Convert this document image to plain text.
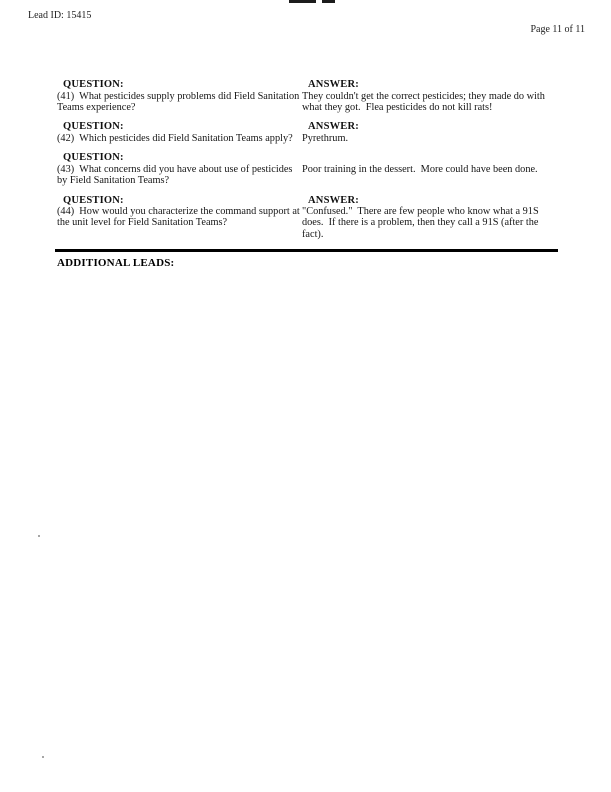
Lead ID: 15415
Page 11 of 11
QUESTION:
(41)  What pesticides supply problems did Field Sanitation Teams experience?
ANSWER:
They couldn't get the correct pesticides; they made do with what they got.  Flea pesticides do not kill rats!
QUESTION:
(42)  Which pesticides did Field Sanitation Teams apply?
ANSWER:
Pyrethrum.
QUESTION:
(43)  What concerns did you have about use of pesticides by Field Sanitation Teams?
Poor training in the dessert.  More could have been done.
QUESTION:
(44)  How would you characterize the command support at the unit level for Field Sanitation Teams?
ANSWER:
"Confused."  There are few people who know what a 91S does.  If there is a problem, then they call a 91S (after the fact).
ADDITIONAL LEADS:
